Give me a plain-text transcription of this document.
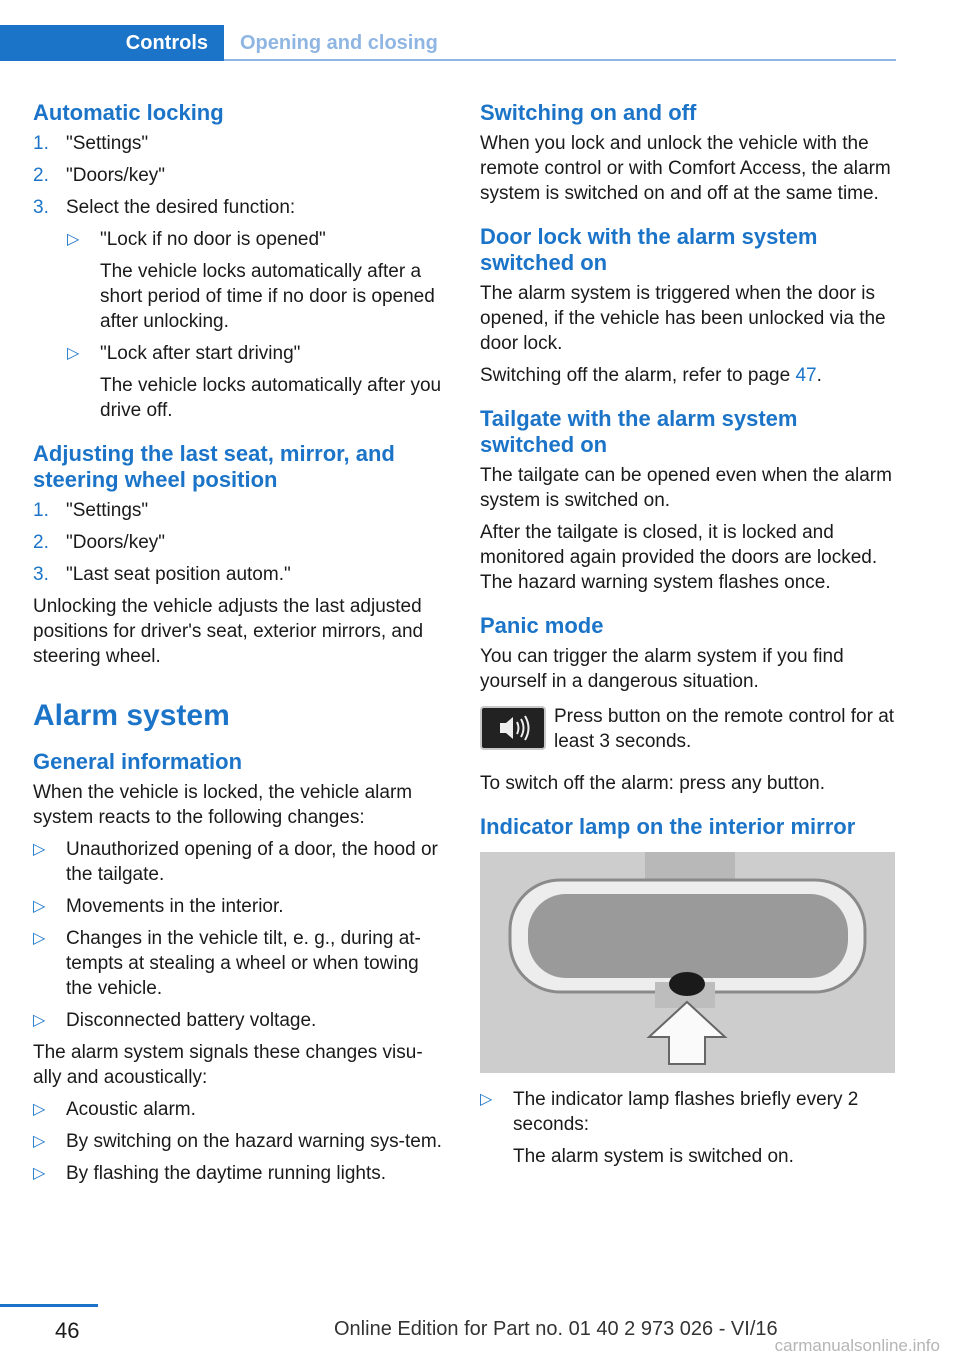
Controls Opening and closing
Automatic locking
1. "Settings"
2. "Doors/key"
3. Select the desired function:
▷ "Lock if no door is opened"

The vehicle locks automatically after a short period of time if no door is opened after unlocking.

▷ "Lock after start driving"

The vehicle locks automatically after you drive off.

Adjusting the last seat, mirror, and steering wheel position
1. "Settings"
2. "Doors/key"
3. "Last seat position autom."

Unlocking the vehicle adjusts the last adjusted positions for driver's seat, exterior mirrors, and steering wheel.

Alarm system
General information

When the vehicle is locked, the vehicle alarm system reacts to the following changes:

▷ Unauthorized opening of a door, the hood or the tailgate.
▷ Movements in the interior.
▷ Changes in the vehicle tilt, e. g., during at‐tempts at stealing a wheel or when towing the vehicle.
▷ Disconnected battery voltage.

The alarm system signals these changes visu‐ally and acoustically:

▷ Acoustic alarm.
▷ By switching on the hazard warning sys‐tem.
▷ By flashing the daytime running lights.
Switching on and off

When you lock and unlock the vehicle with the remote control or with Comfort Access, the alarm system is switched on and off at the same time.

Door lock with the alarm system switched on

The alarm system is triggered when the door is opened, if the vehicle has been unlocked via the door lock.

Switching off the alarm, refer to page 47.

Tailgate with the alarm system switched on

The tailgate can be opened even when the alarm system is switched on.

After the tailgate is closed, it is locked and monitored again provided the doors are locked. The hazard warning system flashes once.

Panic mode

You can trigger the alarm system if you find yourself in a dangerous situation.

Press button on the remote control for at least 3 seconds.

To switch off the alarm: press any button.

Indicator lamp on the interior mirror
▷ The indicator lamp flashes briefly every 2 seconds:

The alarm system is switched on.

46	Online Edition for Part no. 01 40 2 973 026 - VI/16
carmanualsonline.info
